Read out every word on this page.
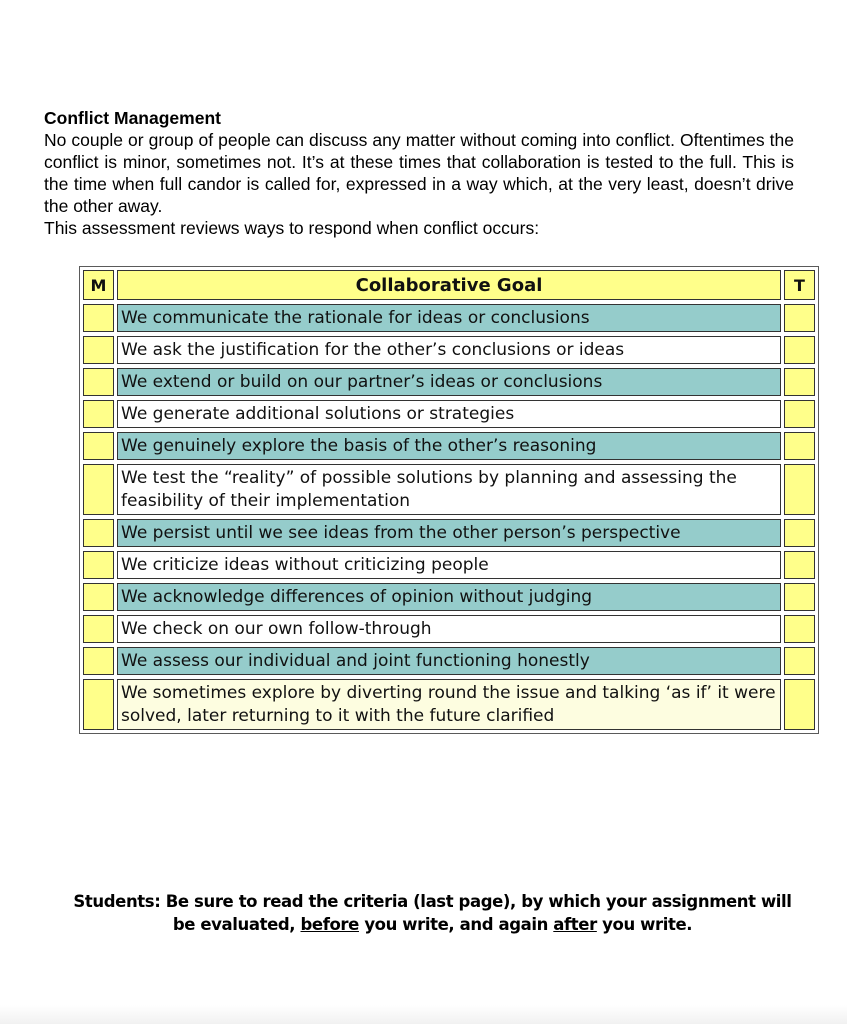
Conflict Management

No couple or group of people can discuss any matter without coming into conflict. Oftentimes the conflict is minor, sometimes not. It’s at these times that collaboration is tested to the full. This is the time when full candor is called for, expressed in a way which, at the very least, doesn’t drive the other away.

This assessment reviews ways to respond when conflict occurs:

M	Collaborative Goal	T
We communicate the rationale for ideas or conclusions
We ask the justification for the other’s conclusions or ideas
We extend or build on our partner’s ideas or conclusions
We generate additional solutions or strategies
We genuinely explore the basis of the other’s reasoning
We test the “reality” of possible solutions by planning and assessing the feasibility of their implementation
We persist until we see ideas from the other person’s perspective
We criticize ideas without criticizing people
We acknowledge differences of opinion without judging
We check on our own follow-through
We assess our individual and joint functioning honestly
We sometimes explore by diverting round the issue and talking ‘as if’ it were solved, later returning to it with the future clarified
Students: Be sure to read the criteria (last page), by which your assignment will be evaluated, before you write, and again after you write.
